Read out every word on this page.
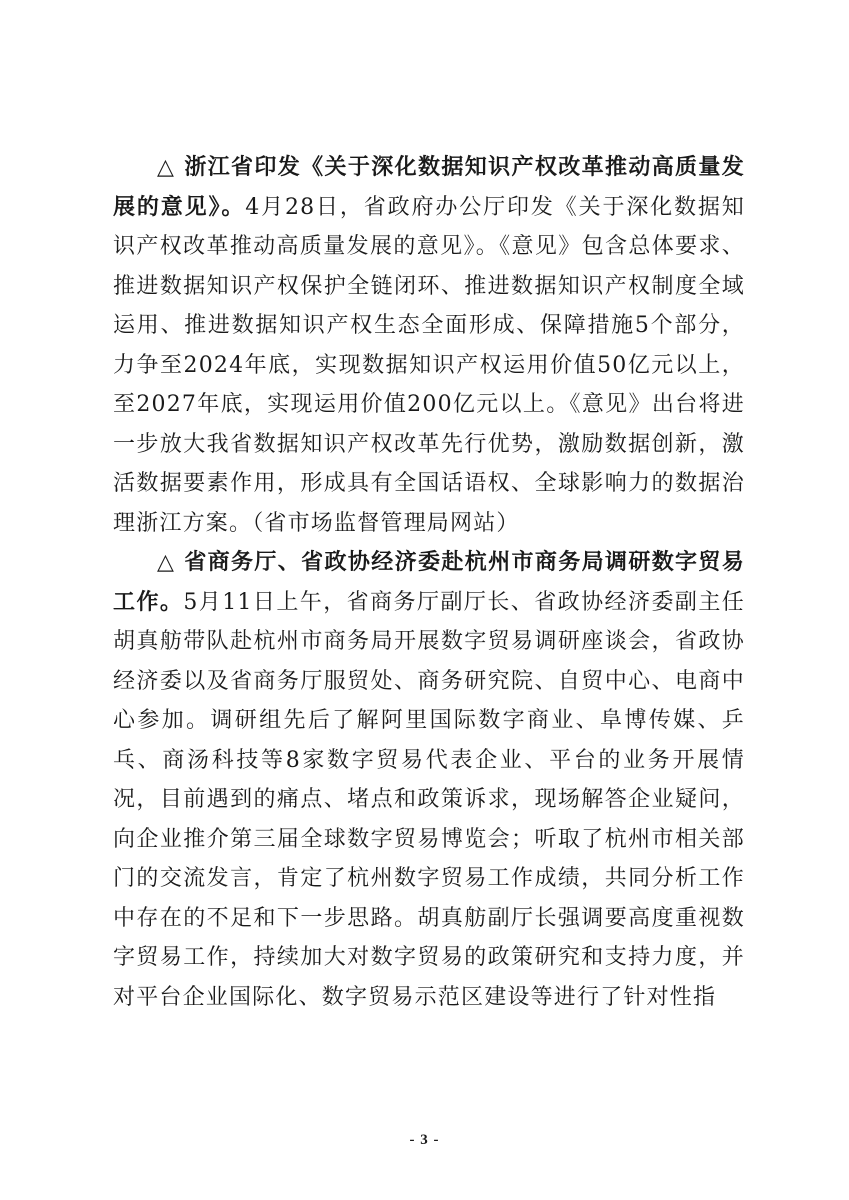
△ 浙江省印发《关于深化数据知识产权改革推动高质量发展的意见》。4月28日，省政府办公厅印发《关于深化数据知识产权改革推动高质量发展的意见》。《意见》包含总体要求、推进数据知识产权保护全链闭环、推进数据知识产权制度全域运用、推进数据知识产权生态全面形成、保障措施5个部分，力争至2024年底，实现数据知识产权运用价值50亿元以上，至2027年底，实现运用价值200亿元以上。《意见》出台将进一步放大我省数据知识产权改革先行优势，激励数据创新，激活数据要素作用，形成具有全国话语权、全球影响力的数据治理浙江方案。（省市场监督管理局网站）

△ 省商务厅、省政协经济委赴杭州市商务局调研数字贸易工作。5月11日上午，省商务厅副厅长、省政协经济委副主任胡真舫带队赴杭州市商务局开展数字贸易调研座谈会，省政协经济委以及省商务厅服贸处、商务研究院、自贸中心、电商中心参加。调研组先后了解阿里国际数字商业、阜博传媒、乒乓、商汤科技等8家数字贸易代表企业、平台的业务开展情况，目前遇到的痛点、堵点和政策诉求，现场解答企业疑问，向企业推介第三届全球数字贸易博览会；听取了杭州市相关部门的交流发言，肯定了杭州数字贸易工作成绩，共同分析工作中存在的不足和下一步思路。胡真舫副厅长强调要高度重视数字贸易工作，持续加大对数字贸易的政策研究和支持力度，并对平台企业国际化、数字贸易示范区建设等进行了针对性指

- 3 -
